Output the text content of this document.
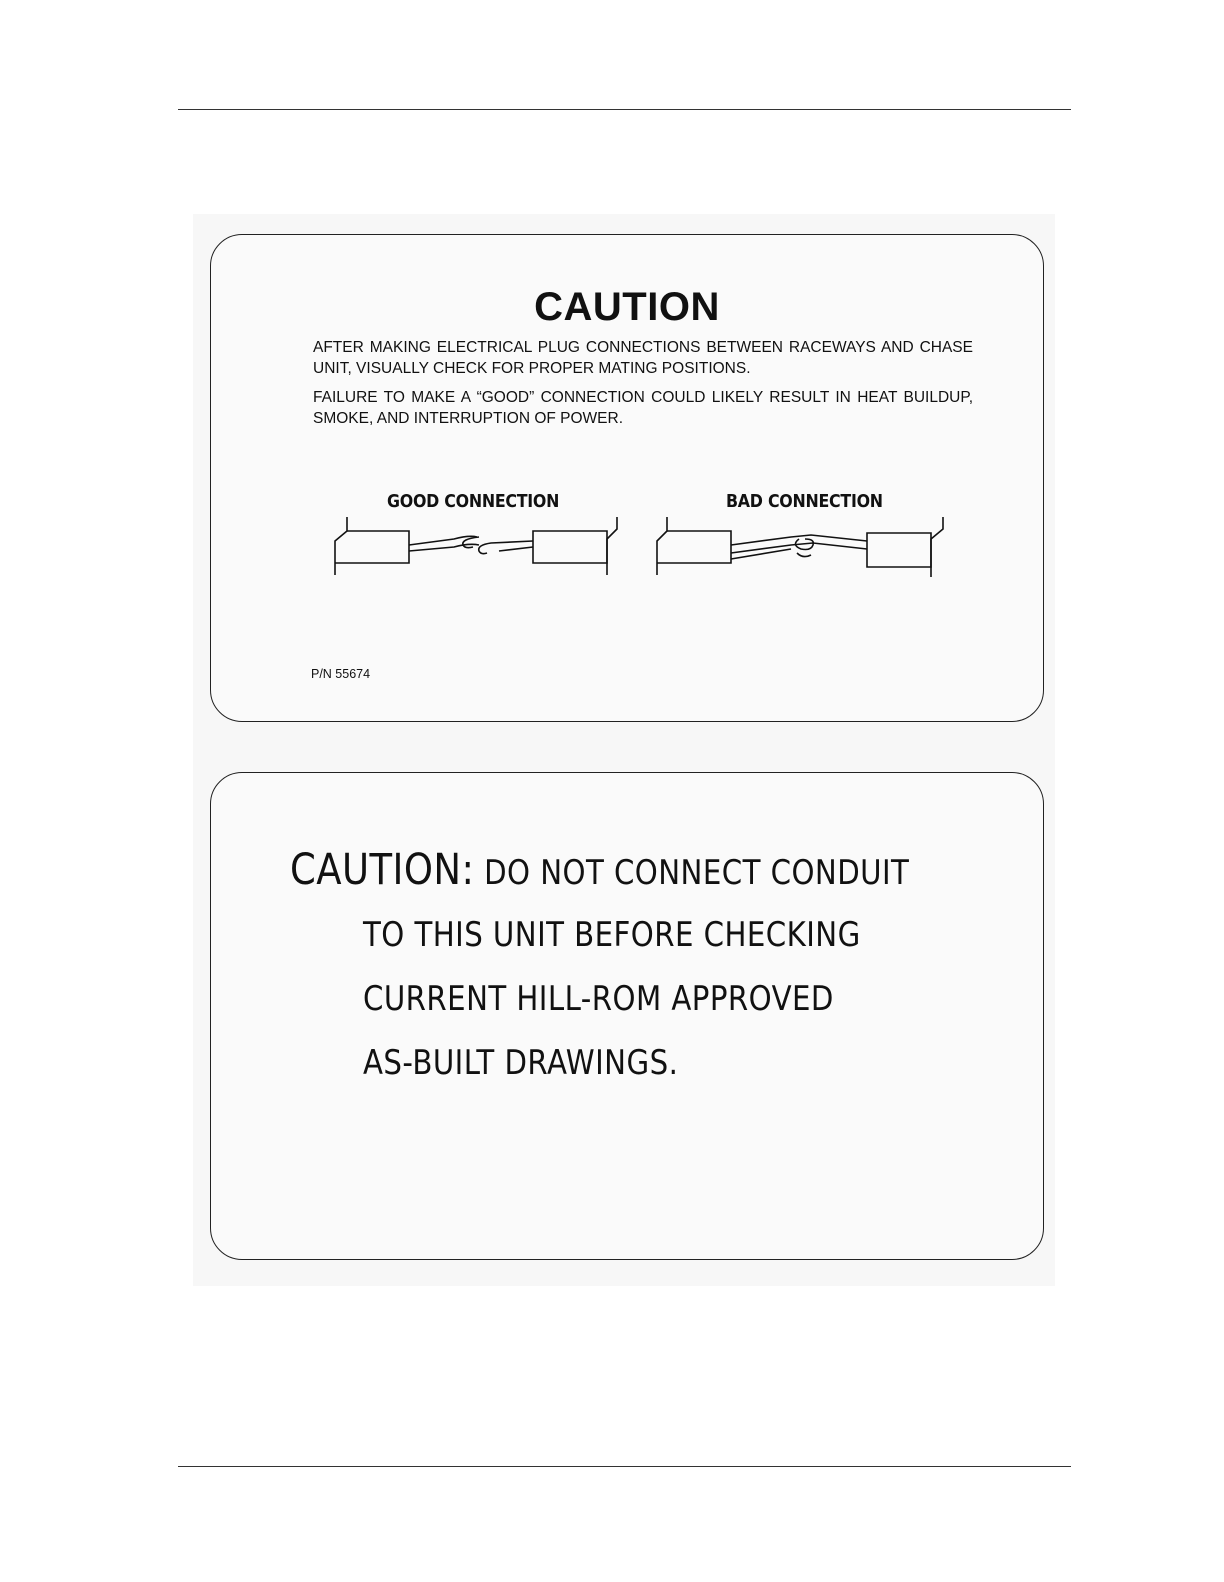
CAUTION
AFTER MAKING ELECTRICAL PLUG CONNECTIONS BETWEEN RACEWAYS AND CHASE UNIT, VISUALLY CHECK FOR PROPER MATING POSITIONS.
FAILURE TO MAKE A “GOOD” CONNECTION COULD LIKELY RESULT IN HEAT BUILDUP, SMOKE, AND INTERRUPTION OF POWER.
GOOD CONNECTION	BAD CONNECTION
P/N 55674
CAUTION: DO NOT CONNECT CONDUIT
TO THIS UNIT BEFORE CHECKING
CURRENT HILL-ROM APPROVED
AS-BUILT DRAWINGS.
